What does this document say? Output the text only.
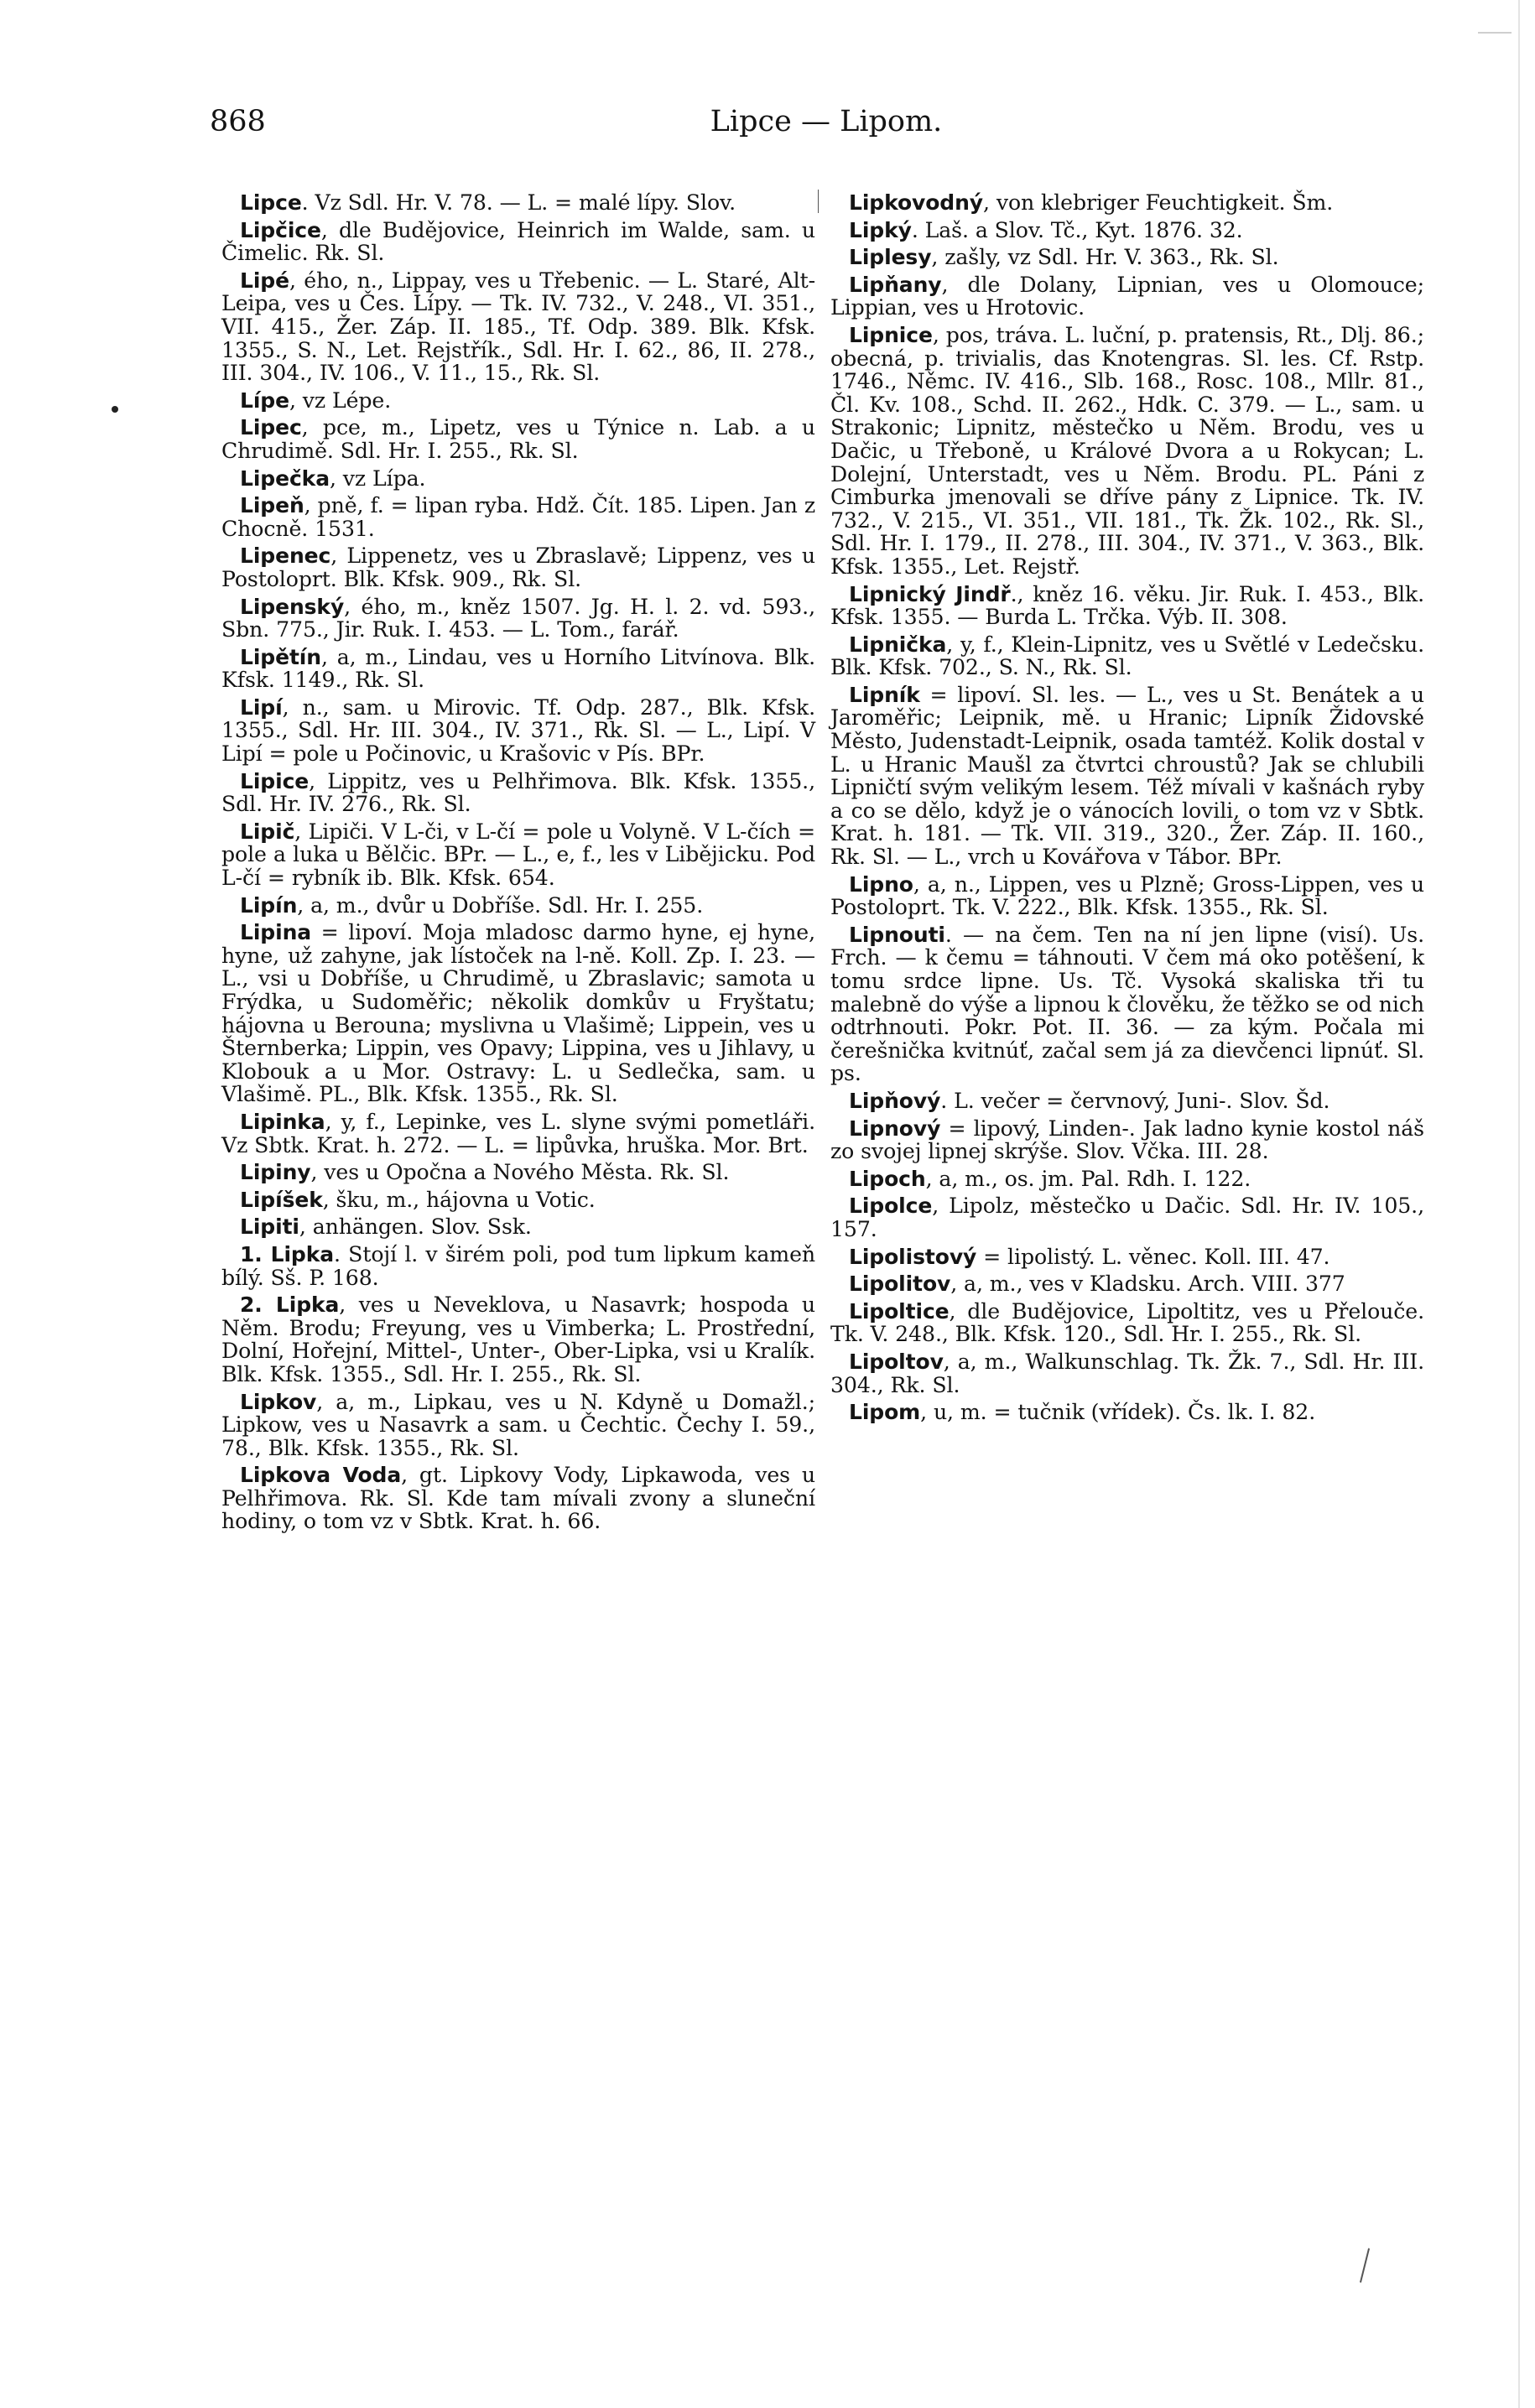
868	Lipce — Lipom.

Lipce. Vz Sdl. Hr. V. 78. — L. = malé lípy. Slov.

Lipčice, dle Budějovice, Heinrich im Walde, sam. u Čimelic. Rk. Sl.

Lipé, ého, n., Lippay, ves u Třebenic. — L. Staré, Alt-Leipa, ves u Čes. Lípy. — Tk. IV. 732., V. 248., VI. 351., VII. 415., Žer. Záp. II. 185., Tf. Odp. 389. Blk. Kfsk. 1355., S. N., Let. Rejstřík., Sdl. Hr. I. 62., 86, II. 278., III. 304., IV. 106., V. 11., 15., Rk. Sl.

Lípe, vz Lépe.

Lipec, pce, m., Lipetz, ves u Týnice n. Lab. a u Chrudimě. Sdl. Hr. I. 255., Rk. Sl.

Lipečka, vz Lípa.

Lipeň, pně, f. = lipan ryba. Hdž. Čít. 185. Lipen. Jan z Chocně. 1531.

Lipenec, Lippenetz, ves u Zbraslavě; Lippenz, ves u Postoloprt. Blk. Kfsk. 909., Rk. Sl.

Lipenský, ého, m., kněz 1507. Jg. H. l. 2. vd. 593., Sbn. 775., Jir. Ruk. I. 453. — L. Tom., farář.

Lipětín, a, m., Lindau, ves u Horního Litvínova. Blk. Kfsk. 1149., Rk. Sl.

Lipí, n., sam. u Mirovic. Tf. Odp. 287., Blk. Kfsk. 1355., Sdl. Hr. III. 304., IV. 371., Rk. Sl. — L., Lipí. V Lipí = pole u Počinovic, u Krašovic v Pís. BPr.

Lipice, Lippitz, ves u Pelhřimova. Blk. Kfsk. 1355., Sdl. Hr. IV. 276., Rk. Sl.

Lipič, Lipiči. V L-či, v L-čí = pole u Volyně. V L-čích = pole a luka u Bělčic. BPr. — L., e, f., les v Libějicku. Pod L-čí = rybník ib. Blk. Kfsk. 654.

Lipín, a, m., dvůr u Dobříše. Sdl. Hr. I. 255.

Lipina = lipoví. Moja mladosc darmo hyne, ej hyne, hyne, už zahyne, jak lístoček na l-ně. Koll. Zp. I. 23. — L., vsi u Dobříše, u Chrudimě, u Zbraslavic; samota u Frýdka, u Sudoměřic; několik domkův u Fryštatu; hájovna u Berouna; myslivna u Vlašimě; Lippein, ves u Šternberka; Lippin, ves Opavy; Lippina, ves u Jihlavy, u Klobouk a u Mor. Ostravy: L. u Sedlečka, sam. u Vlašimě. PL., Blk. Kfsk. 1355., Rk. Sl.

Lipinka, y, f., Lepinke, ves L. slyne svými pometláři. Vz Sbtk. Krat. h. 272. — L. = lipůvka, hruška. Mor. Brt.

Lipiny, ves u Opočna a Nového Města. Rk. Sl.

Lipíšek, šku, m., hájovna u Votic.

Lipiti, anhängen. Slov. Ssk.

1. Lipka. Stojí l. v širém poli, pod tum lipkum kameň bílý. Sš. P. 168.

2. Lipka, ves u Neveklova, u Nasavrk; hospoda u Něm. Brodu; Freyung, ves u Vimberka; L. Prostřední, Dolní, Hořejní, Mittel-, Unter-, Ober-Lipka, vsi u Kralík. Blk. Kfsk. 1355., Sdl. Hr. I. 255., Rk. Sl.

Lipkov, a, m., Lipkau, ves u N. Kdyně u Domažl.; Lipkow, ves u Nasavrk a sam. u Čechtic. Čechy I. 59., 78., Blk. Kfsk. 1355., Rk. Sl.

Lipkova Voda, gt. Lipkovy Vody, Lipkawoda, ves u Pelhřimova. Rk. Sl. Kde tam mívali zvony a sluneční hodiny, o tom vz v Sbtk. Krat. h. 66.

Lipkovodný, von klebriger Feuchtigkeit. Šm.

Lipký. Laš. a Slov. Tč., Kyt. 1876. 32.

Liplesy, zašly, vz Sdl. Hr. V. 363., Rk. Sl.

Lipňany, dle Dolany, Lipnian, ves u Olomouce; Lippian, ves u Hrotovic.

Lipnice, pos, tráva. L. luční, p. pratensis, Rt., Dlj. 86.; obecná, p. trivialis, das Knotengras. Sl. les. Cf. Rstp. 1746., Němc. IV. 416., Slb. 168., Rosc. 108., Mllr. 81., Čl. Kv. 108., Schd. II. 262., Hdk. C. 379. — L., sam. u Strakonic; Lipnitz, městečko u Něm. Brodu, ves u Dačic, u Třeboně, u Králové Dvora a u Rokycan; L. Dolejní, Unterstadt, ves u Něm. Brodu. PL. Páni z Cimburka jmenovali se dříve pány z Lipnice. Tk. IV. 732., V. 215., VI. 351., VII. 181., Tk. Žk. 102., Rk. Sl., Sdl. Hr. I. 179., II. 278., III. 304., IV. 371., V. 363., Blk. Kfsk. 1355., Let. Rejstř.

Lipnický Jindř., kněz 16. věku. Jir. Ruk. I. 453., Blk. Kfsk. 1355. — Burda L. Trčka. Výb. II. 308.

Lipnička, y, f., Klein-Lipnitz, ves u Světlé v Ledečsku. Blk. Kfsk. 702., S. N., Rk. Sl.

Lipník = lipoví. Sl. les. — L., ves u St. Benátek a u Jaroměřic; Leipnik, mě. u Hranic; Lipník Židovské Město, Judenstadt-Leipnik, osada tamtéž. Kolik dostal v L. u Hranic Maušl za čtvrtci chroustů? Jak se chlubili Lipničtí svým velikým lesem. Též mívali v kašnách ryby a co se dělo, když je o vánocích lovili, o tom vz v Sbtk. Krat. h. 181. — Tk. VII. 319., 320., Žer. Záp. II. 160., Rk. Sl. — L., vrch u Kovářova v Tábor. BPr.

Lipno, a, n., Lippen, ves u Plzně; Gross-Lippen, ves u Postoloprt. Tk. V. 222., Blk. Kfsk. 1355., Rk. Sl.

Lipnouti. — na čem. Ten na ní jen lipne (visí). Us. Frch. — k čemu = táhnouti. V čem má oko potěšení, k tomu srdce lipne. Us. Tč. Vysoká skaliska tři tu malebně do výše a lipnou k člověku, že těžko se od nich odtrhnouti. Pokr. Pot. II. 36. — za kým. Počala mi čerešnička kvitnúť, začal sem já za dievčenci lipnúť. Sl. ps.

Lipňový. L. večer = červnový, Juni-. Slov. Šd.

Lipnový = lipový, Linden-. Jak ladno kynie kostol náš zo svojej lipnej skrýše. Slov. Včka. III. 28.

Lipoch, a, m., os. jm. Pal. Rdh. I. 122.

Lipolce, Lipolz, městečko u Dačic. Sdl. Hr. IV. 105., 157.

Lipolistový = lipolistý. L. věnec. Koll. III. 47.

Lipolitov, a, m., ves v Kladsku. Arch. VIII. 377

Lipoltice, dle Budějovice, Lipoltitz, ves u Přelouče. Tk. V. 248., Blk. Kfsk. 120., Sdl. Hr. I. 255., Rk. Sl.

Lipoltov, a, m., Walkunschlag. Tk. Žk. 7., Sdl. Hr. III. 304., Rk. Sl.

Lipom, u, m. = tučnik (vřídek). Čs. lk. I. 82.
